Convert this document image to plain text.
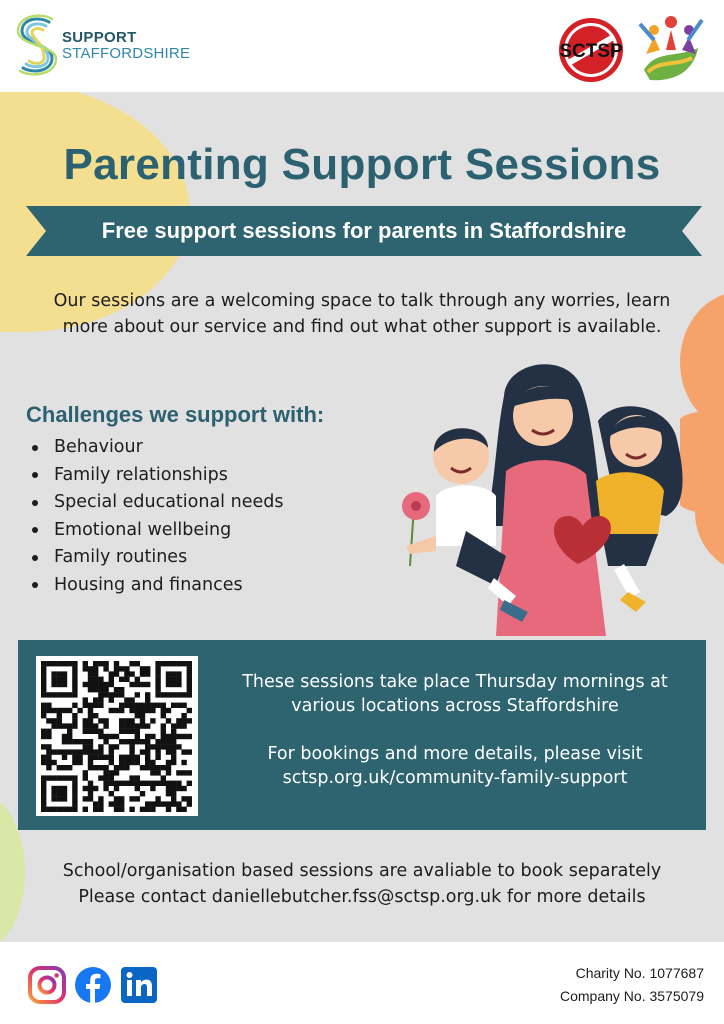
SUPPORT
STAFFORDSHIRE	SCTSP
Parenting Support Sessions
Free support sessions for parents in Staffordshire
Our sessions are a welcoming space to talk through any worries, learn more about our service and find out what other support is available.
Challenges we support with:
Behaviour
Family relationships
Special educational needs
Emotional wellbeing
Family routines
Housing and finances

These sessions take place Thursday mornings at various locations across Staffordshire

For bookings and more details, please visit sctsp.org.uk/community-family-support

School/organisation based sessions are avaliable to book separately

Please contact daniellebutcher.fss@sctsp.org.uk for more details

Charity No. 1077687
Company No. 3575079
